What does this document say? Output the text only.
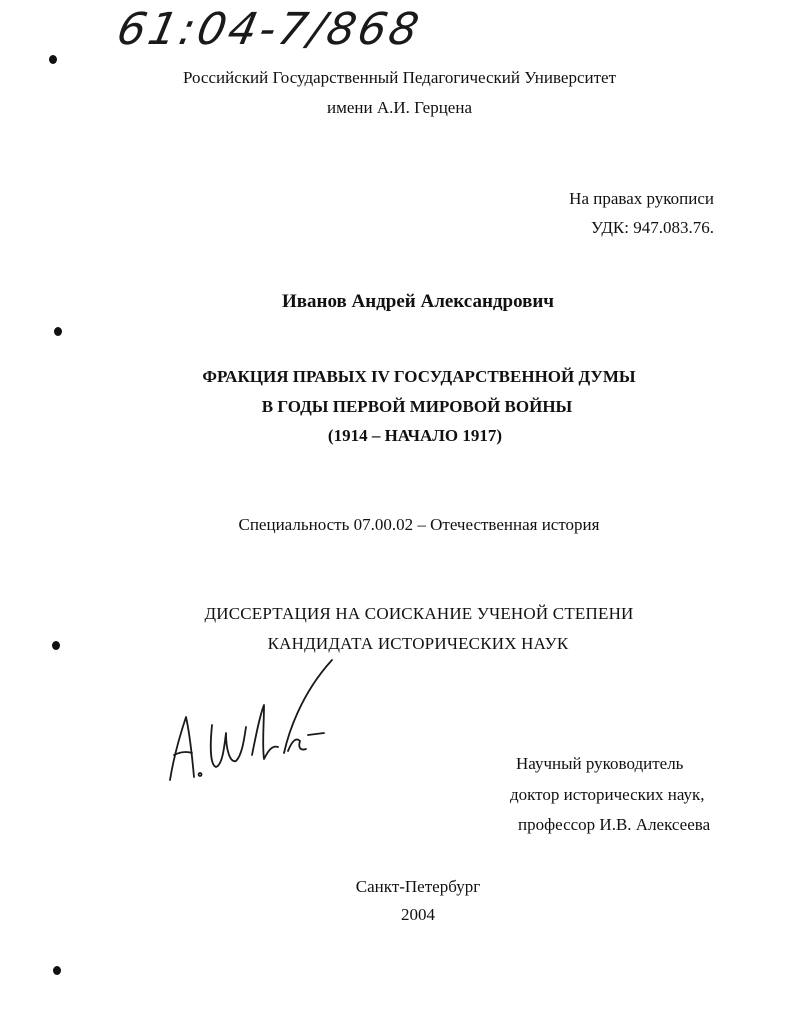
61:04-7/868
Российский Государственный Педагогический Университет
имени А.И. Герцена
На правах рукописи
УДК: 947.083.76.
Иванов Андрей Александрович
ФРАКЦИЯ ПРАВЫХ IV ГОСУДАРСТВЕННОЙ ДУМЫ
В ГОДЫ ПЕРВОЙ МИРОВОЙ ВОЙНЫ
(1914 – НАЧАЛО 1917)
Специальность 07.00.02 – Отечественная история
ДИССЕРТАЦИЯ НА СОИСКАНИЕ УЧЕНОЙ СТЕПЕНИ
КАНДИДАТА ИСТОРИЧЕСКИХ НАУК
Научный руководитель
доктор исторических наук,
профессор И.В. Алексеева
Санкт-Петербург
2004
